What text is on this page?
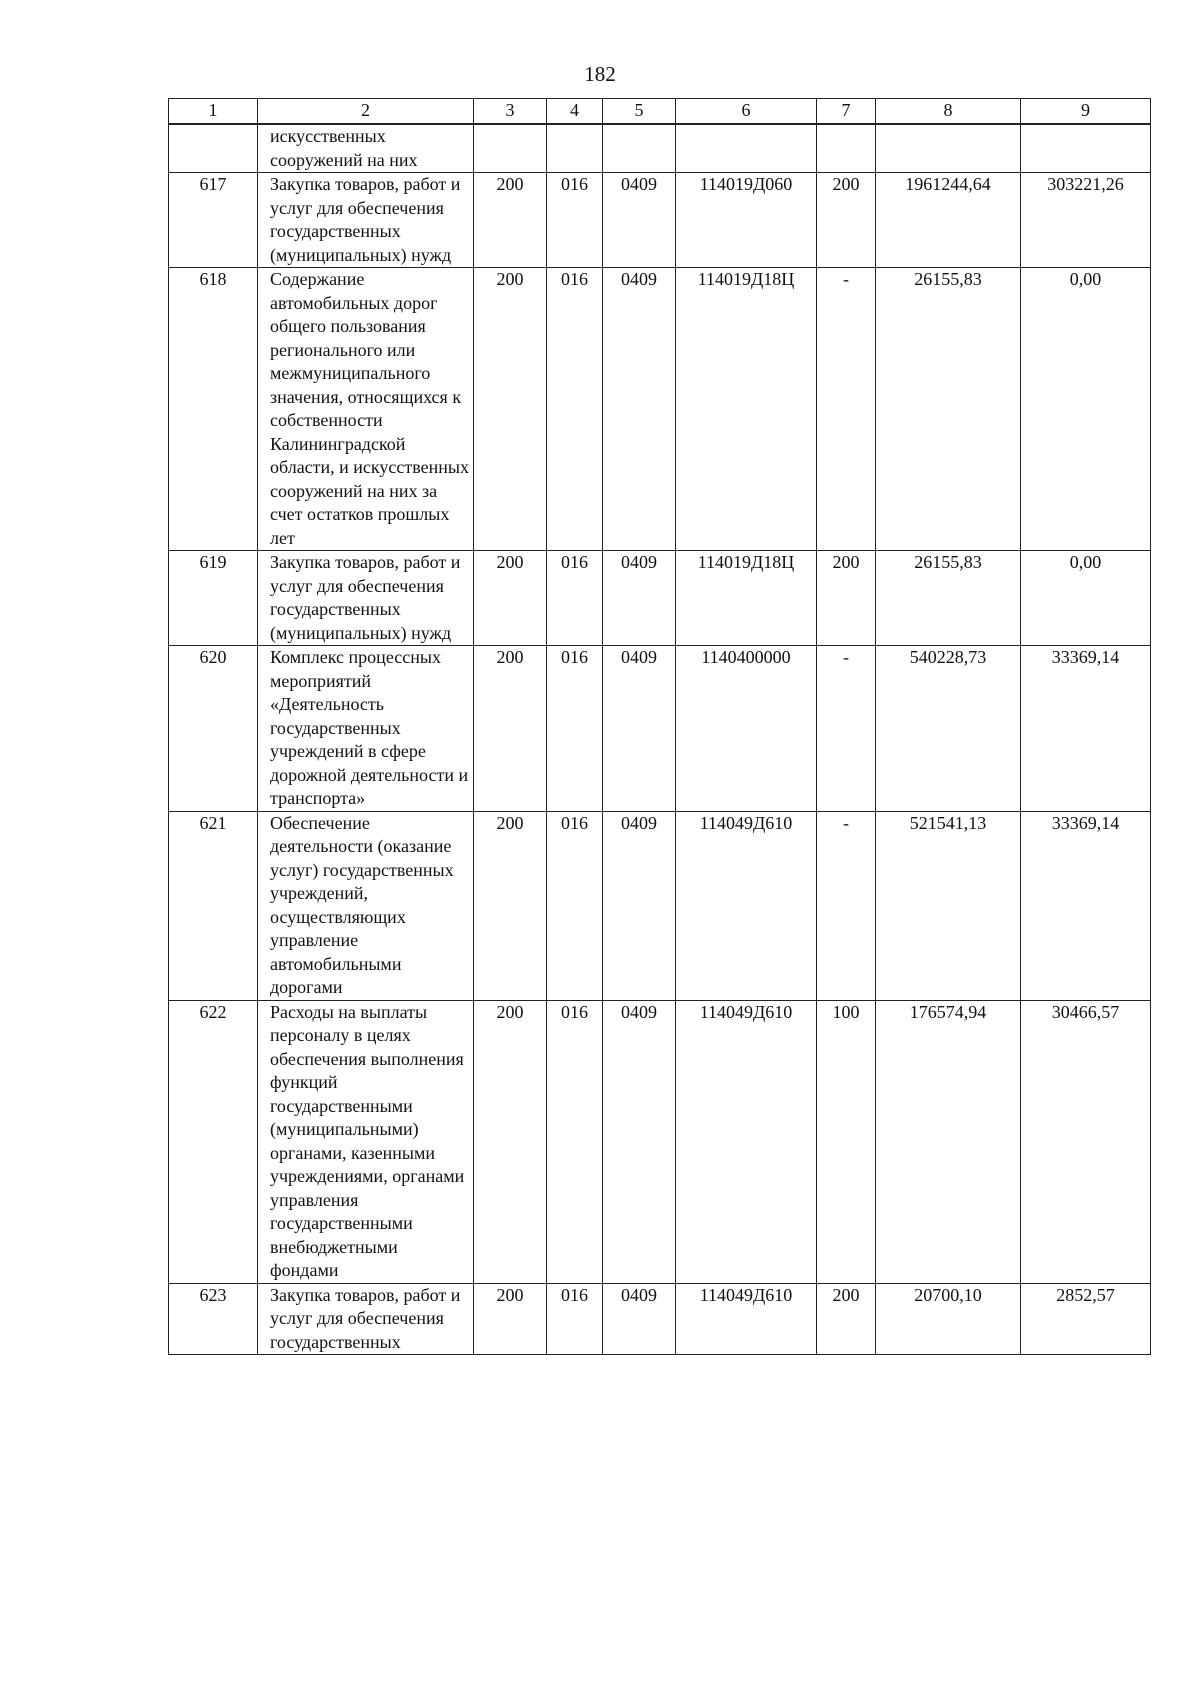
182
1	2	3	4	5	6	7	8	9
	искусственных сооружений на них							
617	Закупка товаров, работ и услуг для обеспечения государственных (муниципальных) нужд	200	016	0409	114019Д060	200	1961244,64	303221,26
618	Содержание автомобильных дорог общего пользования регионального или межмуниципального значения, относящихся к собственности Калининградской области, и искусственных сооружений на них за счет остатков прошлых лет	200	016	0409	114019Д18Ц	-	26155,83	0,00
619	Закупка товаров, работ и услуг для обеспечения государственных (муниципальных) нужд	200	016	0409	114019Д18Ц	200	26155,83	0,00
620	Комплекс процессных мероприятий «Деятельность государственных учреждений в сфере дорожной деятельности и транспорта»	200	016	0409	1140400000	-	540228,73	33369,14
621	Обеспечение деятельности (оказание услуг) государственных учреждений, осуществляющих управление автомобильными дорогами	200	016	0409	114049Д610	-	521541,13	33369,14
622	Расходы на выплаты персоналу в целях обеспечения выполнения функций государственными (муниципальными) органами, казенными учреждениями, органами управления государственными внебюджетными фондами	200	016	0409	114049Д610	100	176574,94	30466,57
623	Закупка товаров, работ и услуг для обеспечения государственных	200	016	0409	114049Д610	200	20700,10	2852,57
